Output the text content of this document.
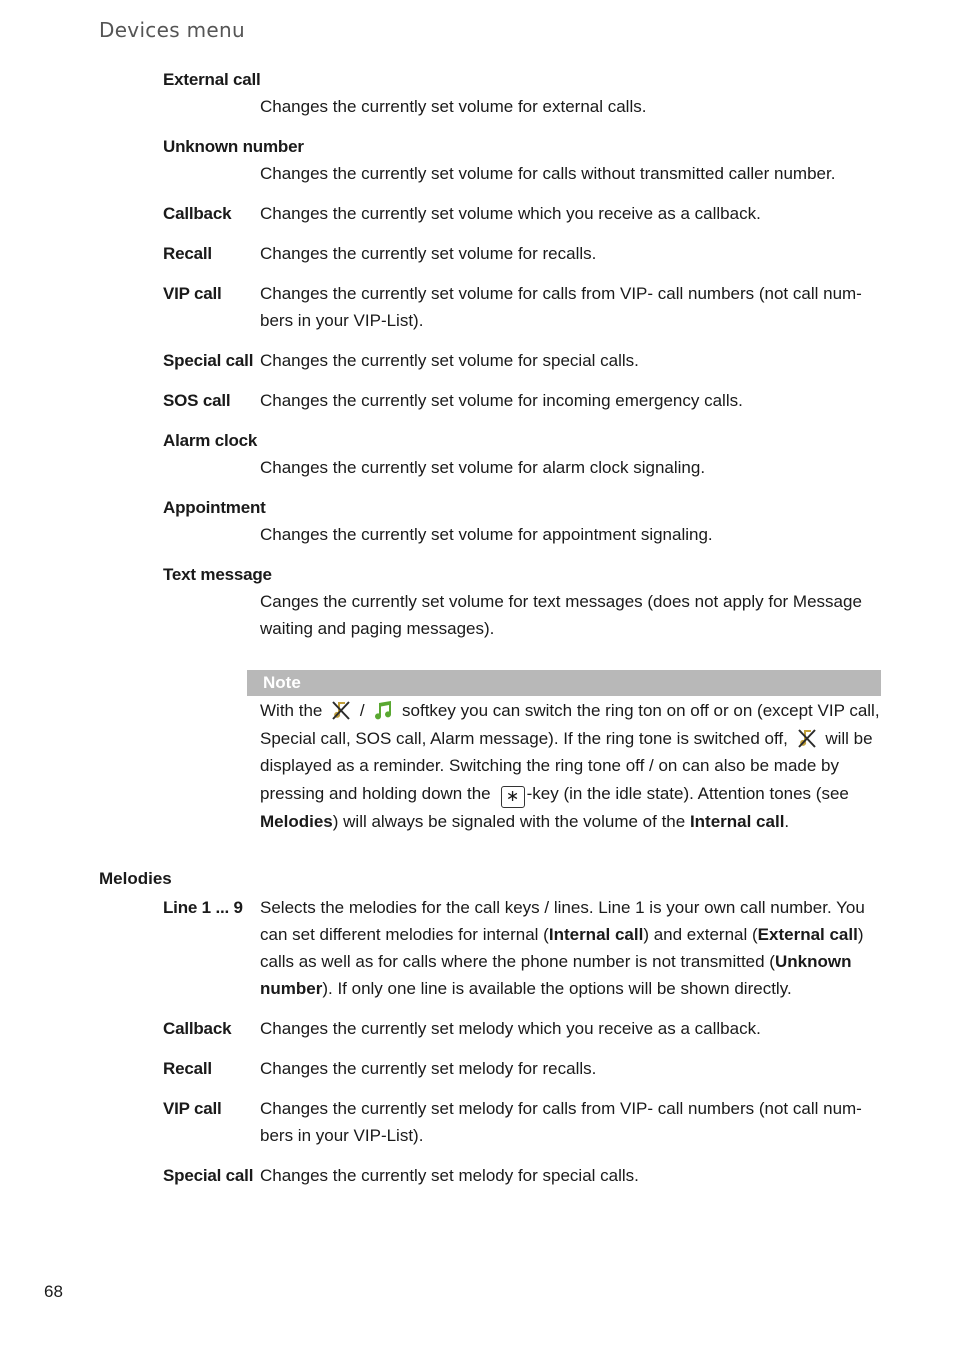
Devices menu
External call
Changes the currently set volume for external calls.
Unknown number
Changes the currently set volume for calls without transmitted caller number.
Callback	Changes the currently set volume which you receive as a callback.
Recall	Changes the currently set volume for recalls.
VIP call	Changes the currently set volume for calls from VIP- call numbers (not call num-bers in your VIP-List).
Special call Changes the currently set volume for special calls.
SOS call	Changes the currently set volume for incoming emergency calls.
Alarm clock
Changes the currently set volume for alarm clock signaling.
Appointment
Changes the currently set volume for appointment signaling.
Text message
Canges the currently set volume for text messages (does not apply for Message waiting and paging messages).
Note
With the / softkey you can switch the ring ton on off or on (except VIP call, Special call, SOS call, Alarm message). If the ring tone is switched off, will be displayed as a reminder. Switching the ring tone off / on can also be made by pressing and holding down the ∗ -key (in the idle state). Attention tones (see Melodies) will always be signaled with the volume of the Internal call.
Melodies
Line 1 ... 9	Selects the melodies for the call keys / lines. Line 1 is your own call number. You can set different melodies for internal (Internal call) and external (External call) calls as well as for calls where the phone number is not transmitted (Unknown number). If only one line is available the options will be shown directly.
Callback	Changes the currently set melody which you receive as a callback.
Recall	Changes the currently set melody for recalls.
VIP call	Changes the currently set melody for calls from VIP- call numbers (not call num-bers in your VIP-List).
Special call Changes the currently set melody for special calls.
68
